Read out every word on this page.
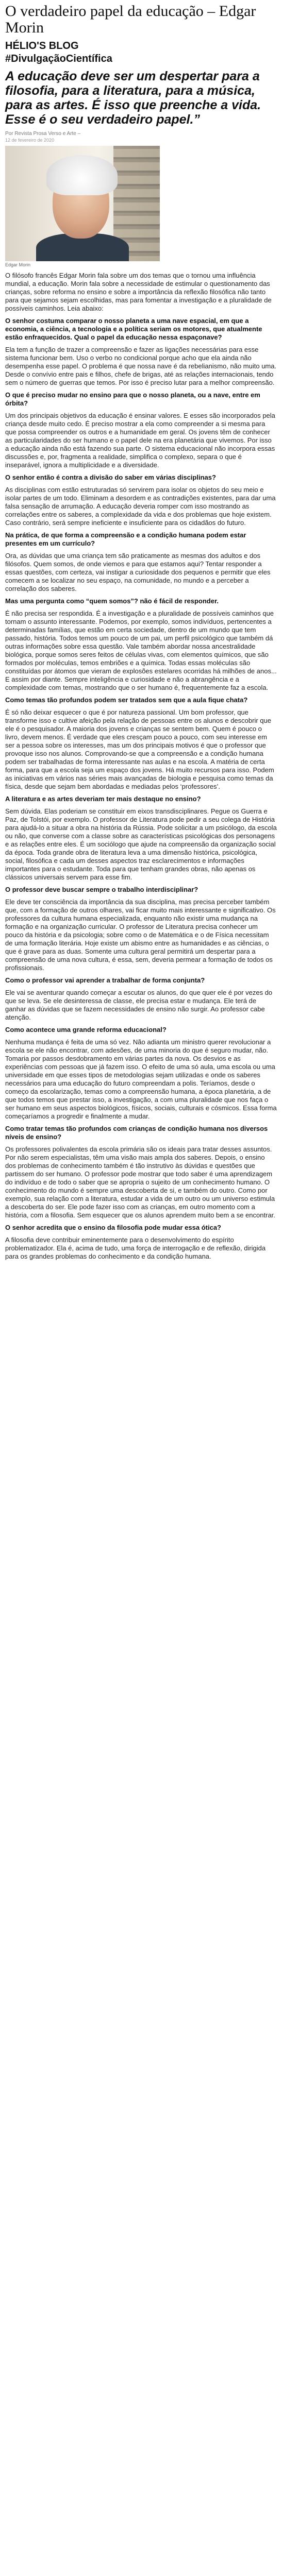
O verdadeiro papel da educação – Edgar Morin
HÉLIO'S BLOG
#DivulgaçãoCientífica
A educação deve ser um despertar para a filosofia, para a literatura, para a música, para as artes. É isso que preenche a vida. Esse é o seu verdadeiro papel.”
Por Revista Prosa Verso e Arte –
12 de fevereiro de 2020
Edgar Morin

O filósofo francês Edgar Morin fala sobre um dos temas que o tornou uma influência mundial, a educação. Morin fala sobre a necessidade de estimular o questionamento das crianças, sobre reforma no ensino e sobre a importância da reflexão filosófica não tanto para que sejamos sejam escolhidas, mas para fomentar a investigação e a pluralidade de possíveis caminhos. Leia abaixo:

O senhor costuma comparar o nosso planeta a uma nave espacial, em que a economia, a ciência, a tecnologia e a política seriam os motores, que atualmente estão enfraquecidos. Qual o papel da educação nessa espaçonave?

Ela tem a função de trazer a compreensão e fazer as ligações necessárias para esse sistema funcionar bem. Uso o verbo no condicional porque acho que ela ainda não desempenha esse papel. O problema é que nossa nave é da rebelianismo, não muito uma. Desde o convívio entre pais e filhos, chefe de brigas, até as relações internacionais, tendo sem o número de guerras que temos. Por isso é preciso lutar para a melhor compreensão.

O que é preciso mudar no ensino para que o nosso planeta, ou a nave, entre em órbita?

Um dos principais objetivos da educação é ensinar valores. E esses são incorporados pela criança desde muito cedo. É preciso mostrar a ela como compreender a si mesma para que possa compreender os outros e a humanidade em geral. Os jovens têm de conhecer as particularidades do ser humano e o papel dele na era planetária que vivemos. Por isso a educação ainda não está fazendo sua parte. O sistema educacional não incorpora essas discussões e, por, fragmenta a realidade, simplifica o complexo, separa o que é inseparável, ignora a multiplicidade e a diversidade.

O senhor então é contra a divisão do saber em várias disciplinas?

As disciplinas com estão estruturadas só servirem para isolar os objetos do seu meio e isolar partes de um todo. Eliminam a desordem e as contradições existentes, para dar uma falsa sensação de arrumação. A educação deveria romper com isso mostrando as correlações entre os saberes, a complexidade da vida e dos problemas que hoje existem. Caso contrário, será sempre ineficiente e insuficiente para os cidadãos do futuro.

Na prática, de que forma a compreensão e a condição humana podem estar presentes em um currículo?

Ora, as dúvidas que uma criança tem são praticamente as mesmas dos adultos e dos filósofos. Quem somos, de onde viemos e para que estamos aqui? Tentar responder a essas questões, com certeza, vai instigar a curiosidade dos pequenos e permitir que eles comecem a se localizar no seu espaço, na comunidade, no mundo e a perceber a correlação dos saberes.

Mas uma pergunta como “quem somos”? não é fácil de responder.

É não precisa ser respondida. É a investigação e a pluralidade de possíveis caminhos que tornam o assunto interessante. Podemos, por exemplo, somos indivíduos, pertencentes a determinadas famílias, que estão em certa sociedade, dentro de um mundo que tem passado, história. Todos temos um pouco de um pai, um perfil psicológico que também dá outras informações sobre essa questão. Vale também abordar nossa ancestralidade biológica, porque somos seres feitos de células vivas, com elementos químicos, que são formados por moléculas, temos embriões e a química. Todas essas moléculas são constituídas por átomos que vieram de explosões estelares ocorridas há milhões de anos... E assim por diante. Sempre inteligência e curiosidade e não a abrangência e a complexidade com temas, mostrando que o ser humano é, frequentemente faz a escola.

Como temas tão profundos podem ser tratados sem que a aula fique chata?

É só não deixar esquecer o que é por natureza passional. Um bom professor, que transforme isso e cultive afeição pela relação de pessoas entre os alunos e descobrir que ele é o pesquisador. A maioria dos jovens e crianças se sentem bem. Quem é pouco o livro, devem menos. É verdade que eles cresçam pouco a pouco, com seu interesse em ser a pessoa sobre os interesses, mas um dos principais motivos é que o professor que provoque isso nos alunos. Comprovando-se que a compreensão e a condição humana podem ser trabalhadas de forma interessante nas aulas e na escola. A matéria de certa forma, para que a escola seja um espaço dos jovens. Há muito recursos para isso. Podem as iniciativas em vários nas séries mais avançadas de biologia e pesquisa como temas da física, desde que sejam bem abordadas e mediadas pelos ‘professores’.

A literatura e as artes deveriam ter mais destaque no ensino?

Sem dúvida. Elas poderiam se constituir em eixos transdisciplinares. Pegue os Guerra e Paz, de Tolstói, por exemplo. O professor de Literatura pode pedir a seu colega de História para ajudá-lo a situar a obra na história da Rússia. Pode solicitar a um psicólogo, da escola ou não, que converse com a classe sobre as características psicológicas dos personagens e as relações entre eles. É um sociólogo que ajude na compreensão da organização social da época. Toda grande obra de literatura leva a uma dimensão histórica, psicológica, social, filosófica e cada um desses aspectos traz esclarecimentos e informações importantes para o estudante. Toda para que tenham grandes obras, não apenas os clássicos universais servem para esse fim.

O professor deve buscar sempre o trabalho interdisciplinar?

Ele deve ter consciência da importância da sua disciplina, mas precisa perceber também que, com a formação de outros olhares, vai ficar muito mais interessante e significativo. Os professores da cultura humana especializada, enquanto não existir uma mudança na formação e na organização curricular. O professor de Literatura precisa conhecer um pouco da história e da psicologia; sobre como o de Matemática e o de Física necessitam de uma formação literária. Hoje existe um abismo entre as humanidades e as ciências, o que é grave para as duas. Somente uma cultura geral permitirá um despertar para a compreensão de uma nova cultura, é essa, sem, deveria permear a formação de todos os profissionais.

Como o professor vai aprender a trabalhar de forma conjunta?

Ele vai se aventurar quando começar a escutar os alunos, do que quer ele é por vezes do que se leva. Se ele desinteressa de classe, ele precisa estar e mudança. Ele terá de ganhar as dúvidas que se fazem necessidades de ensino não surgir. Ao professor cabe atenção.

Como acontece uma grande reforma educacional?

Nenhuma mudança é feita de uma só vez. Não adianta um ministro querer revolucionar a escola se ele não encontrar, com adesões, de uma minoria do que é seguro mudar, não. Tomaria por passos desdobramento em várias partes da nova. Os desvios e as experiências com pessoas que já fazem isso. O efeito de uma só aula, uma escola ou uma universidade em que esses tipos de metodologias sejam utilizadas e onde os saberes necessários para uma educação do futuro compreendam a polis. Teríamos, desde o começo da escolarização, temas como a compreensão humana, a época planetária, a de que todos temos que prestar isso, a investigação, a com uma pluralidade que nos faça o ser humano em seus aspectos biológicos, físicos, sociais, culturais e cósmicos. Essa forma começaríamos a progredir e finalmente a mudar.

Como tratar temas tão profundos com crianças de condição humana nos diversos níveis de ensino?

Os professores polivalentes da escola primária são os ideais para tratar desses assuntos. Por não serem especialistas, têm uma visão mais ampla dos saberes. Depois, o ensino dos problemas de conhecimento também é tão instrutivo às dúvidas e questões que partissem do ser humano. O professor pode mostrar que todo saber é uma aprendizagem do indivíduo e de todo o saber que se apropria o sujeito de um conhecimento humano. O conhecimento do mundo é sempre uma descoberta de si, e também do outro. Como por exemplo, sua relação com a literatura, estudar a vida de um outro ou um universo estimula a descoberta do ser. Ele pode fazer isso com as crianças, em outro momento com a história, com a filosofia. Sem esquecer que os alunos aprendem muito bem a se encontrar.

O senhor acredita que o ensino da filosofia pode mudar essa ótica?

A filosofia deve contribuir eminentemente para o desenvolvimento do espírito problematizador. Ela é, acima de tudo, uma força de interrogação e de reflexão, dirigida para os grandes problemas do conhecimento e da condição humana.
